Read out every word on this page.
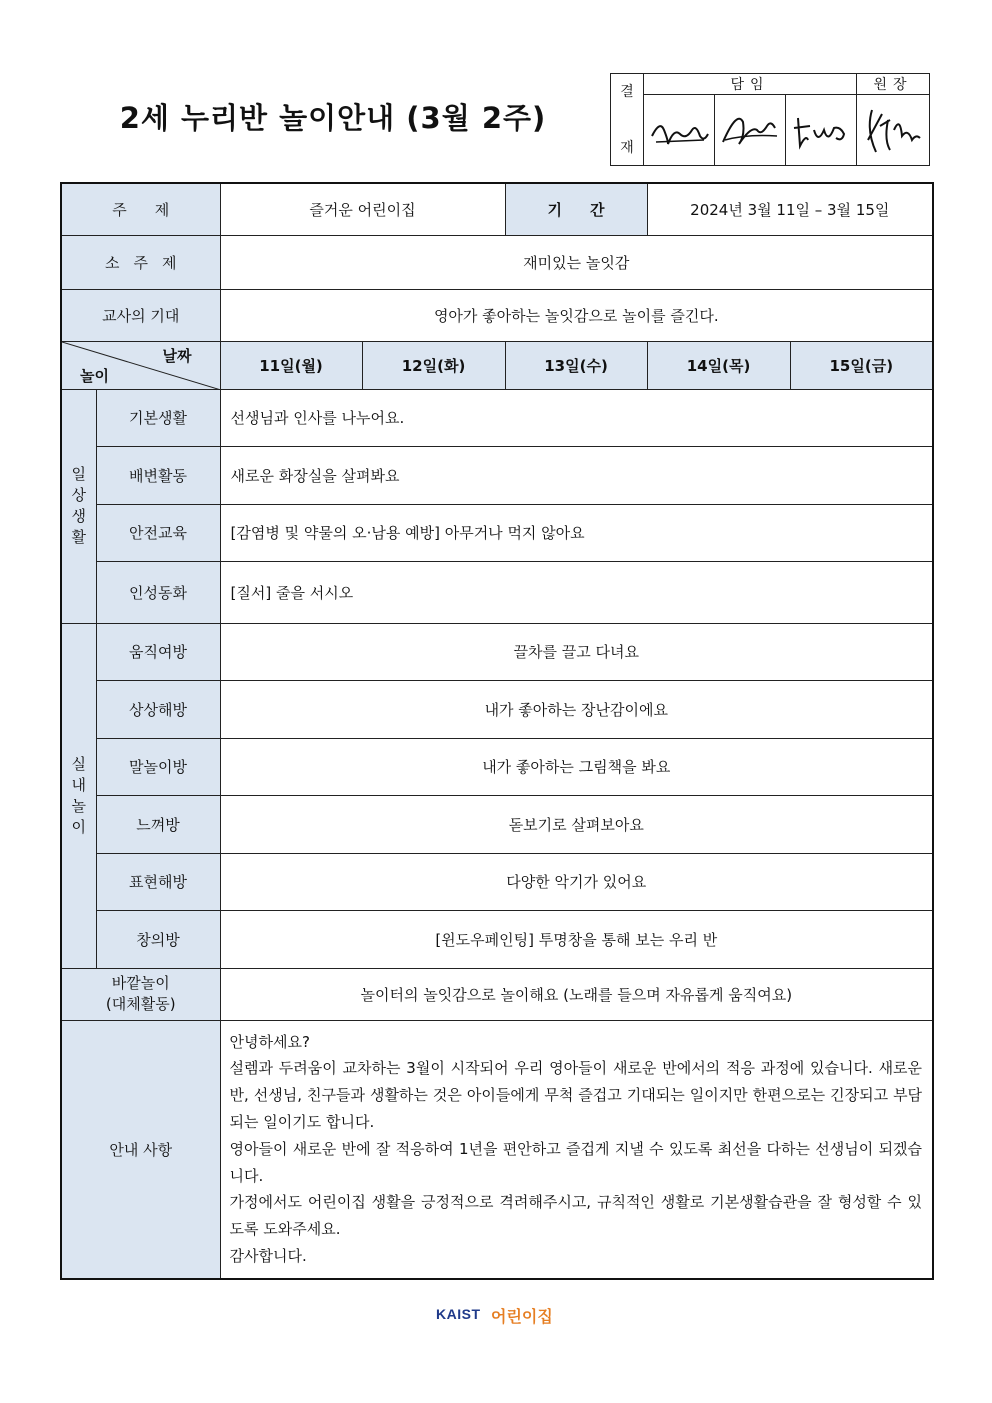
2세 누리반 놀이안내 (3월 2주)
결

재	담임			원장

주제		즐거운 어린이집		기간	2024년 3월 11일 – 3월 15일	
소주제		재미있는 놀잇감				
교사의 기대		영아가 좋아하는 놀잇감으로 놀이를 즐긴다.				

날짜
놀이		11일(월)	12일(화)	13일(수)	14일(목)	15일(금)

일
상
생
활	기본생활	선생님과 인사를 나누어요.				
	배변활동	새로운 화장실을 살펴봐요				
	안전교육	[감염병 및 약물의 오·남용 예방] 아무거나 먹지 않아요				
	인성동화	[질서] 줄을 서시오				

실
내
놀
이	움직여방	끌차를 끌고 다녀요				
	상상해방	내가 좋아하는 장난감이에요				
	말놀이방	내가 좋아하는 그림책을 봐요				
	느껴방	돋보기로 살펴보아요				
	표현해방	다양한 악기가 있어요				
	창의방	[윈도우페인팅] 투명창을 통해 보는 우리 반				
바깥놀이
(대체활동)		놀이터의 놀잇감으로 놀이해요 (노래를 들으며 자유롭게 움직여요)				
안내 사항		안녕하세요?

설렘과 두려움이 교차하는 3월이 시작되어 우리 영아들이 새로운 반에서의 적응 과정에 있습니다. 새로운 반, 선생님, 친구들과 생활하는 것은 아이들에게 무척 즐겁고 기대되는 일이지만 한편으로는 긴장되고 부담되는 일이기도 합니다.

영아들이 새로운 반에 잘 적응하여 1년을 편안하고 즐겁게 지낼 수 있도록 최선을 다하는 선생님이 되겠습니다.

가정에서도 어린이집 생활을 긍정적으로 격려해주시고, 규칙적인 생활로 기본생활습관을 잘 형성할 수 있도록 도와주세요.

감사합니다.				

KAIST 어린이집
